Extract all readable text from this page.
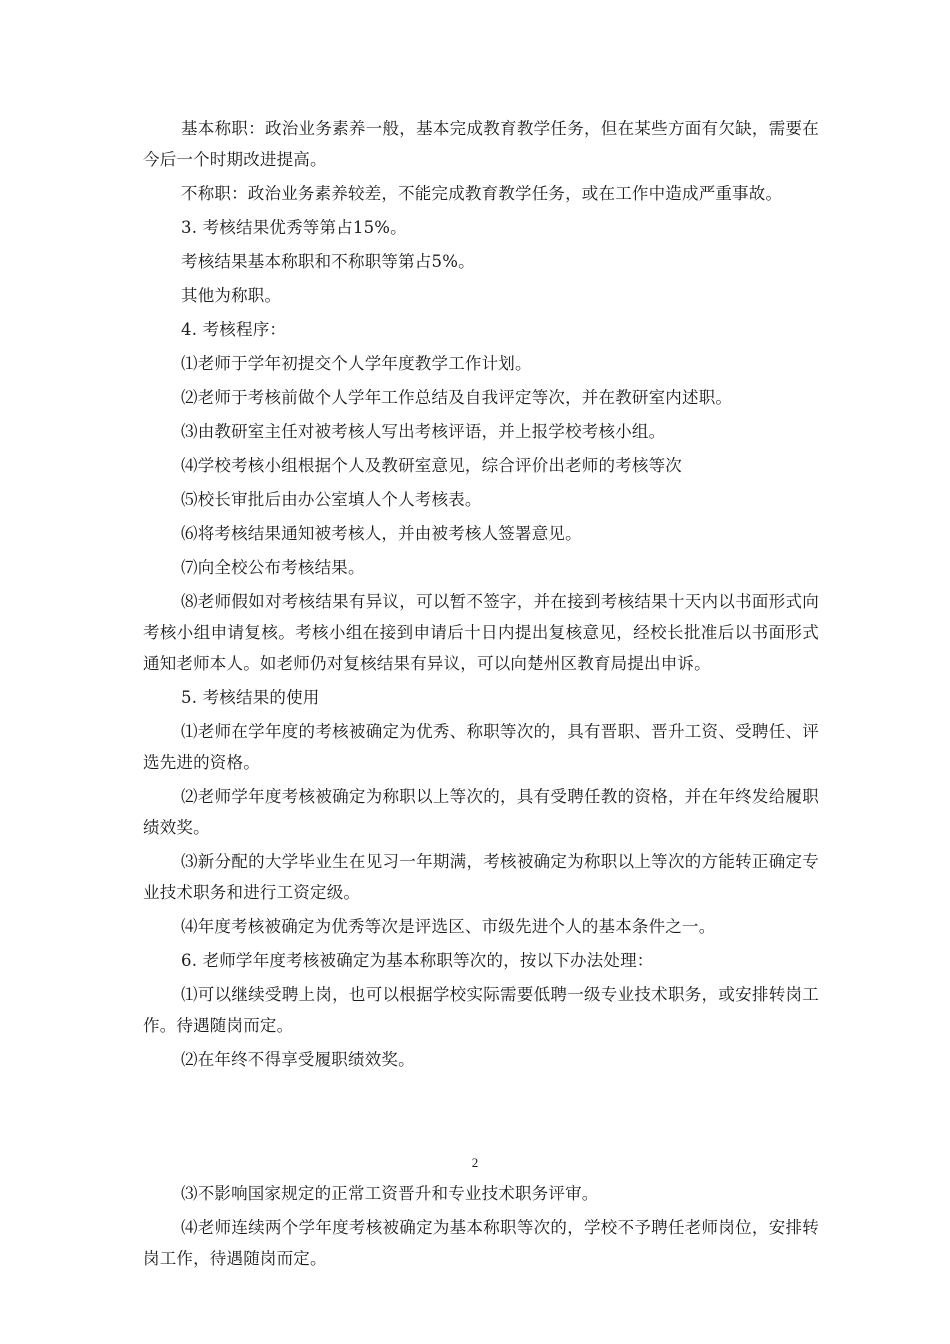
基本称职：政治业务素养一般，基本完成教育教学任务，但在某些方面有欠缺，需要在今后一个时期改进提高。

不称职：政治业务素养较差，不能完成教育教学任务，或在工作中造成严重事故。

3. 考核结果优秀等第占15%。

考核结果基本称职和不称职等第占5%。

其他为称职。

4. 考核程序：

⑴老师于学年初提交个人学年度教学工作计划。

⑵老师于考核前做个人学年工作总结及自我评定等次，并在教研室内述职。

⑶由教研室主任对被考核人写出考核评语，并上报学校考核小组。

⑷学校考核小组根据个人及教研室意见，综合评价出老师的考核等次

⑸校长审批后由办公室填人个人考核表。

⑹将考核结果通知被考核人，并由被考核人签署意见。

⑺向全校公布考核结果。

⑻老师假如对考核结果有异议，可以暂不签字，并在接到考核结果十天内以书面形式向考核小组申请复核。考核小组在接到申请后十日内提出复核意见，经校长批准后以书面形式通知老师本人。如老师仍对复核结果有异议，可以向楚州区教育局提出申诉。

5. 考核结果的使用

⑴老师在学年度的考核被确定为优秀、称职等次的，具有晋职、晋升工资、受聘任、评选先进的资格。

⑵老师学年度考核被确定为称职以上等次的，具有受聘任教的资格，并在年终发给履职绩效奖。

⑶新分配的大学毕业生在见习一年期满，考核被确定为称职以上等次的方能转正确定专业技术职务和进行工资定级。

⑷年度考核被确定为优秀等次是评选区、市级先进个人的基本条件之一。

6. 老师学年度考核被确定为基本称职等次的，按以下办法处理：

⑴可以继续受聘上岗，也可以根据学校实际需要低聘一级专业技术职务，或安排转岗工作。待遇随岗而定。

⑵在年终不得享受履职绩效奖。

2

⑶不影响国家规定的正常工资晋升和专业技术职务评审。

⑷老师连续两个学年度考核被确定为基本称职等次的，学校不予聘任老师岗位，安排转岗工作，待遇随岗而定。
